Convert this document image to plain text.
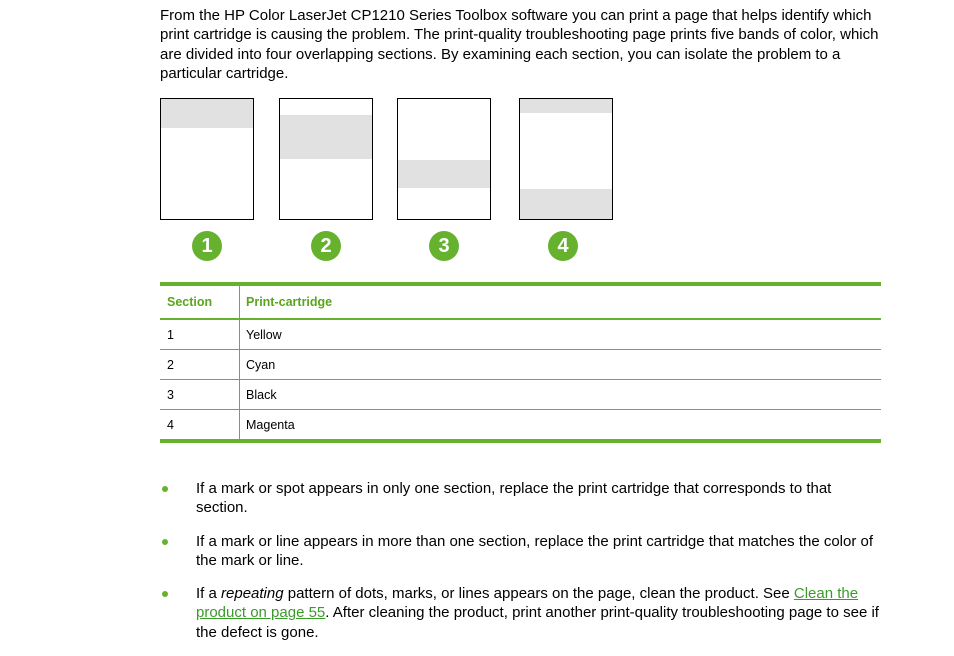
From the HP Color LaserJet CP1210 Series Toolbox software you can print a page that helps identify which print cartridge is causing the problem. The print-quality troubleshooting page prints five bands of color, which are divided into four overlapping sections. By examining each section, you can isolate the problem to a particular cartridge.

1	2	3	4
Section	Print-cartridge
1	Yellow
2	Cyan
3	Black
4	Magenta
If a mark or spot appears in only one section, replace the print cartridge that corresponds to that section.
If a mark or line appears in more than one section, replace the print cartridge that matches the color of the mark or line.
If a repeating pattern of dots, marks, or lines appears on the page, clean the product. See Clean the product on page 55. After cleaning the product, print another print-quality troubleshooting page to see if the defect is gone.
